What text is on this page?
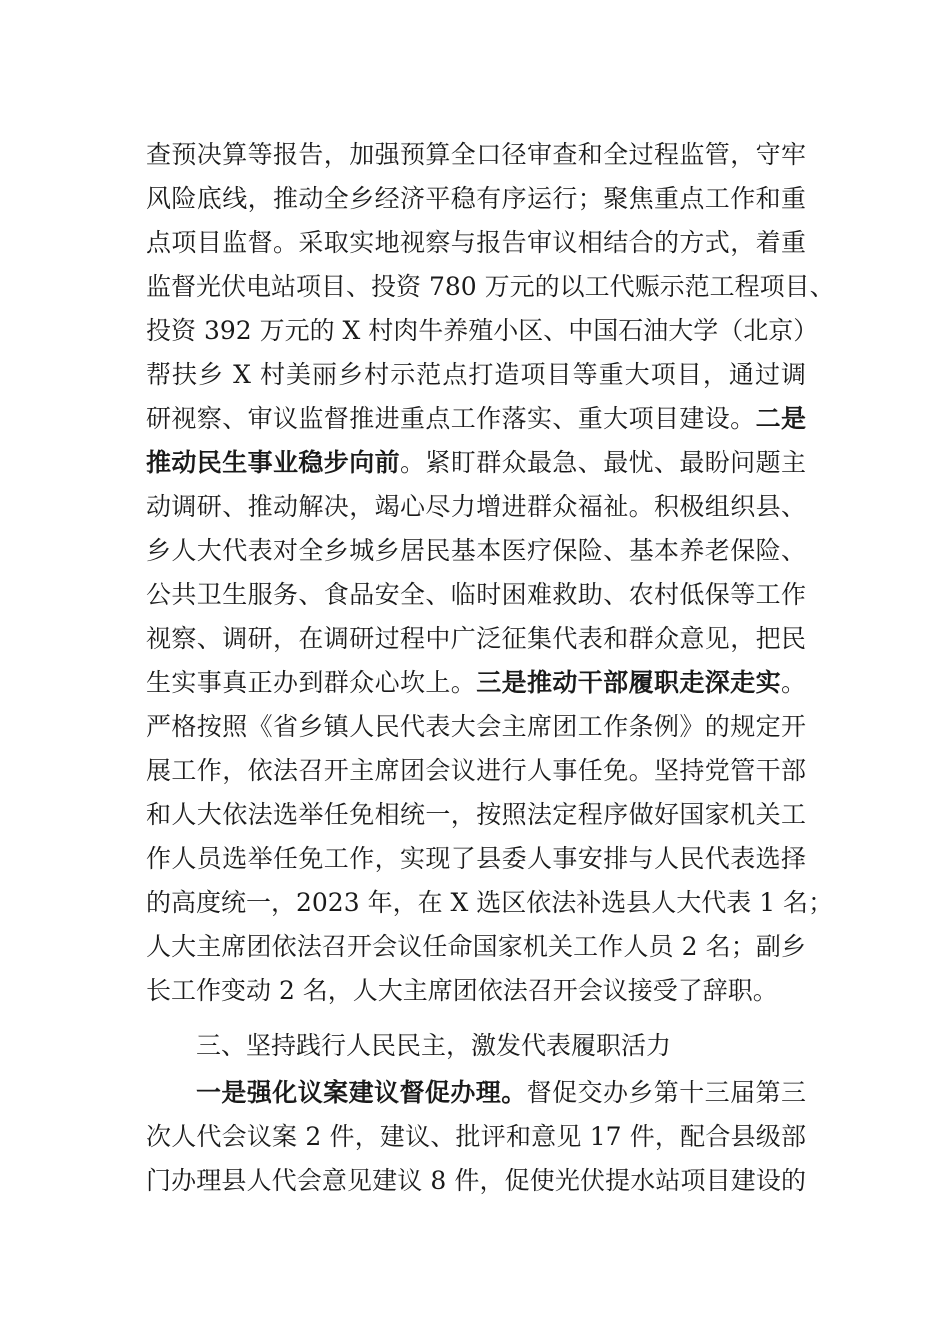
查预决算等报告，加强预算全口径审查和全过程监管，守牢
风险底线，推动全乡经济平稳有序运行；聚焦重点工作和重
点项目监督。采取实地视察与报告审议相结合的方式，着重
监督光伏电站项目、投资 780 万元的以工代赈示范工程项目、
投资 392 万元的 X 村肉牛养殖小区、中国石油大学（北京）
帮扶乡 X 村美丽乡村示范点打造项目等重大项目，通过调
研视察、审议监督推进重点工作落实、重大项目建设。二是
推动民生事业稳步向前。紧盯群众最急、最忧、最盼问题主
动调研、推动解决，竭心尽力增进群众福祉。积极组织县、
乡人大代表对全乡城乡居民基本医疗保险、基本养老保险、
公共卫生服务、食品安全、临时困难救助、农村低保等工作
视察、调研，在调研过程中广泛征集代表和群众意见，把民
生实事真正办到群众心坎上。三是推动干部履职走深走实。
严格按照《省乡镇人民代表大会主席团工作条例》的规定开
展工作，依法召开主席团会议进行人事任免。坚持党管干部
和人大依法选举任免相统一，按照法定程序做好国家机关工
作人员选举任免工作，实现了县委人事安排与人民代表选择
的高度统一，2023 年，在 X 选区依法补选县人大代表 1 名；
人大主席团依法召开会议任命国家机关工作人员 2 名；副乡
长工作变动 2 名，人大主席团依法召开会议接受了辞职。
三、坚持践行人民民主，激发代表履职活力
一是强化议案建议督促办理。督促交办乡第十三届第三
次人代会议案 2 件，建议、批评和意见 17 件，配合县级部
门办理县人代会意见建议 8 件，促使光伏提水站项目建设的
